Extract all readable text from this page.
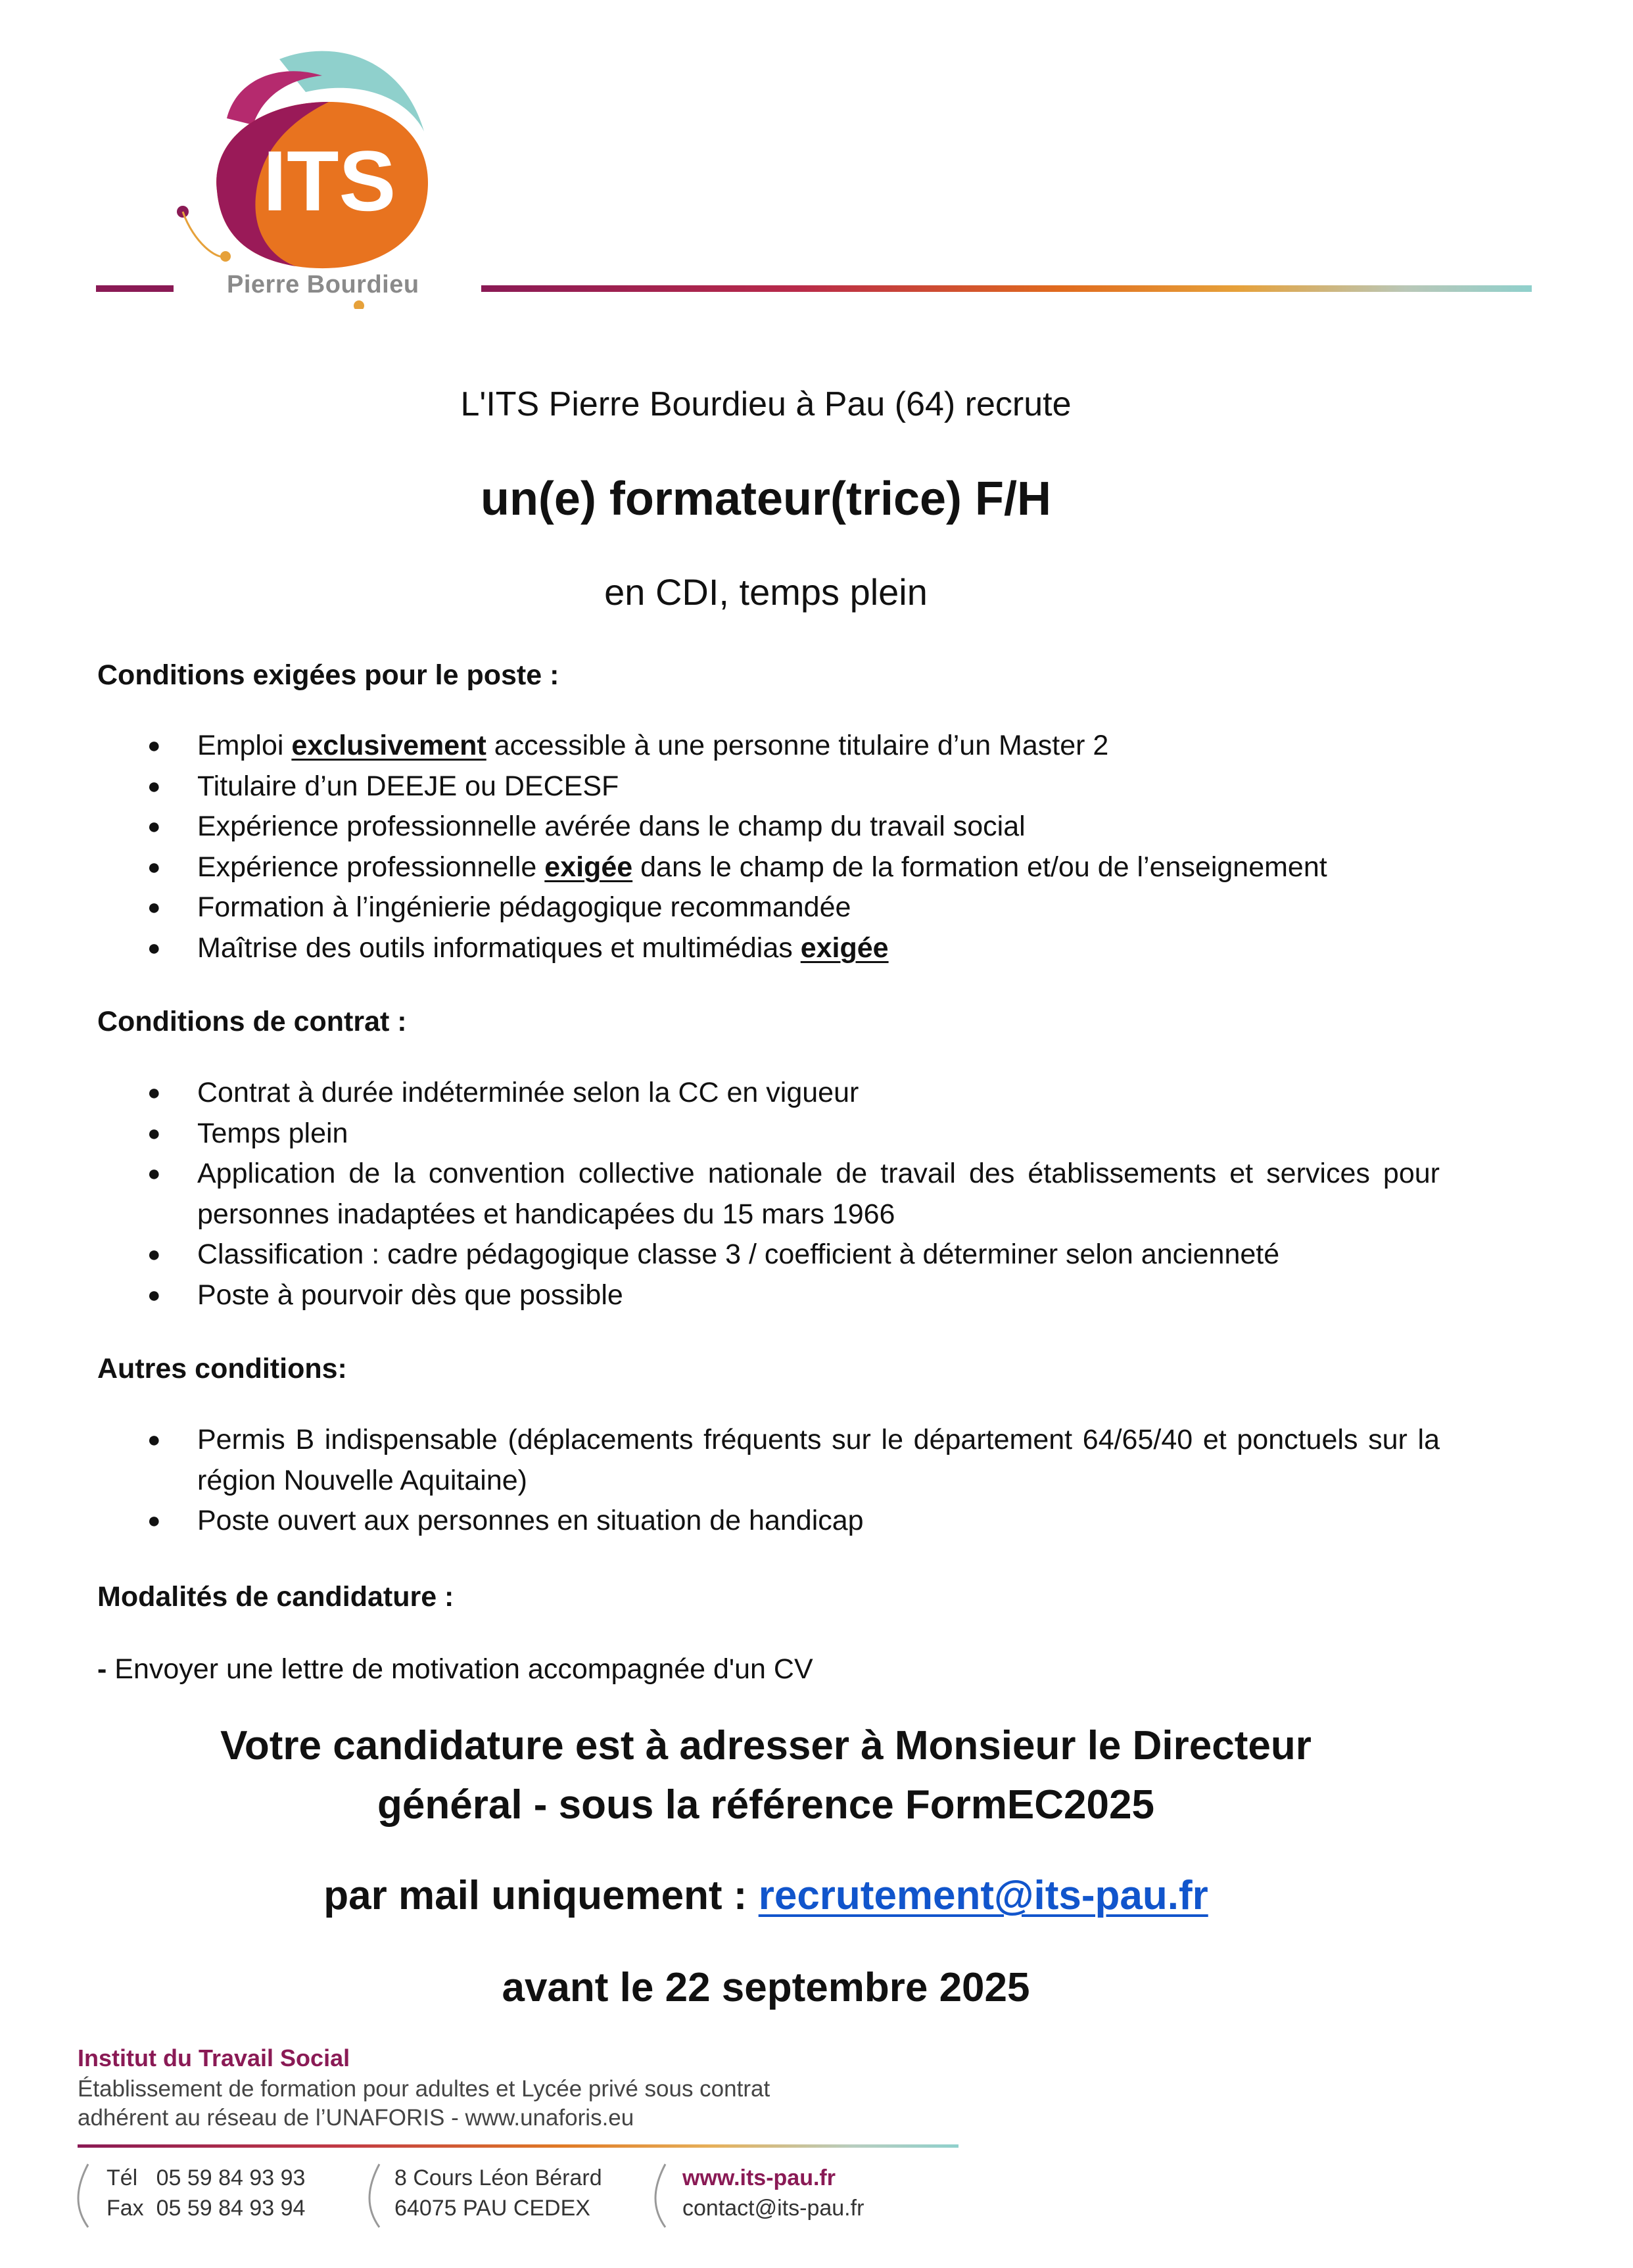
ITS
Pierre Bourdieu
L'ITS Pierre Bourdieu à Pau (64) recrute
un(e) formateur(trice) F/H
en CDI, temps plein
Conditions exigées pour le poste :
● Emploi exclusivement accessible à une personne titulaire d’un Master 2
● Titulaire d’un DEEJE ou DECESF
● Expérience professionnelle avérée dans le champ du travail social
● Expérience professionnelle exigée dans le champ de la formation et/ou de l’enseignement
● Formation à l’ingénierie pédagogique recommandée
● Maîtrise des outils informatiques et multimédias exigée
Conditions de contrat :
● Contrat à durée indéterminée selon la CC en vigueur
● Temps plein
● Application de la convention collective nationale de travail des établissements et services pour personnes inadaptées et handicapées du 15 mars 1966
● Classification : cadre pédagogique classe 3 / coefficient à déterminer selon ancienneté
● Poste à pourvoir dès que possible
Autres conditions:
● Permis B indispensable (déplacements fréquents sur le département 64/65/40 et ponctuels sur la région Nouvelle Aquitaine)
● Poste ouvert aux personnes en situation de handicap
Modalités de candidature :
- Envoyer une lettre de motivation accompagnée d'un CV
Votre candidature est à adresser à Monsieur le Directeur
général - sous la référence FormEC2025
par mail uniquement : recrutement@its-pau.fr
avant le 22 septembre 2025
Institut du Travail Social
Établissement de formation pour adultes et Lycée privé sous contrat
adhérent au réseau de l’UNAFORIS - www.unaforis.eu
Tél   05 59 84 93 93
Fax  05 59 84 93 94
8 Cours Léon Bérard
64075 PAU CEDEX
www.its-pau.fr
contact@its-pau.fr
